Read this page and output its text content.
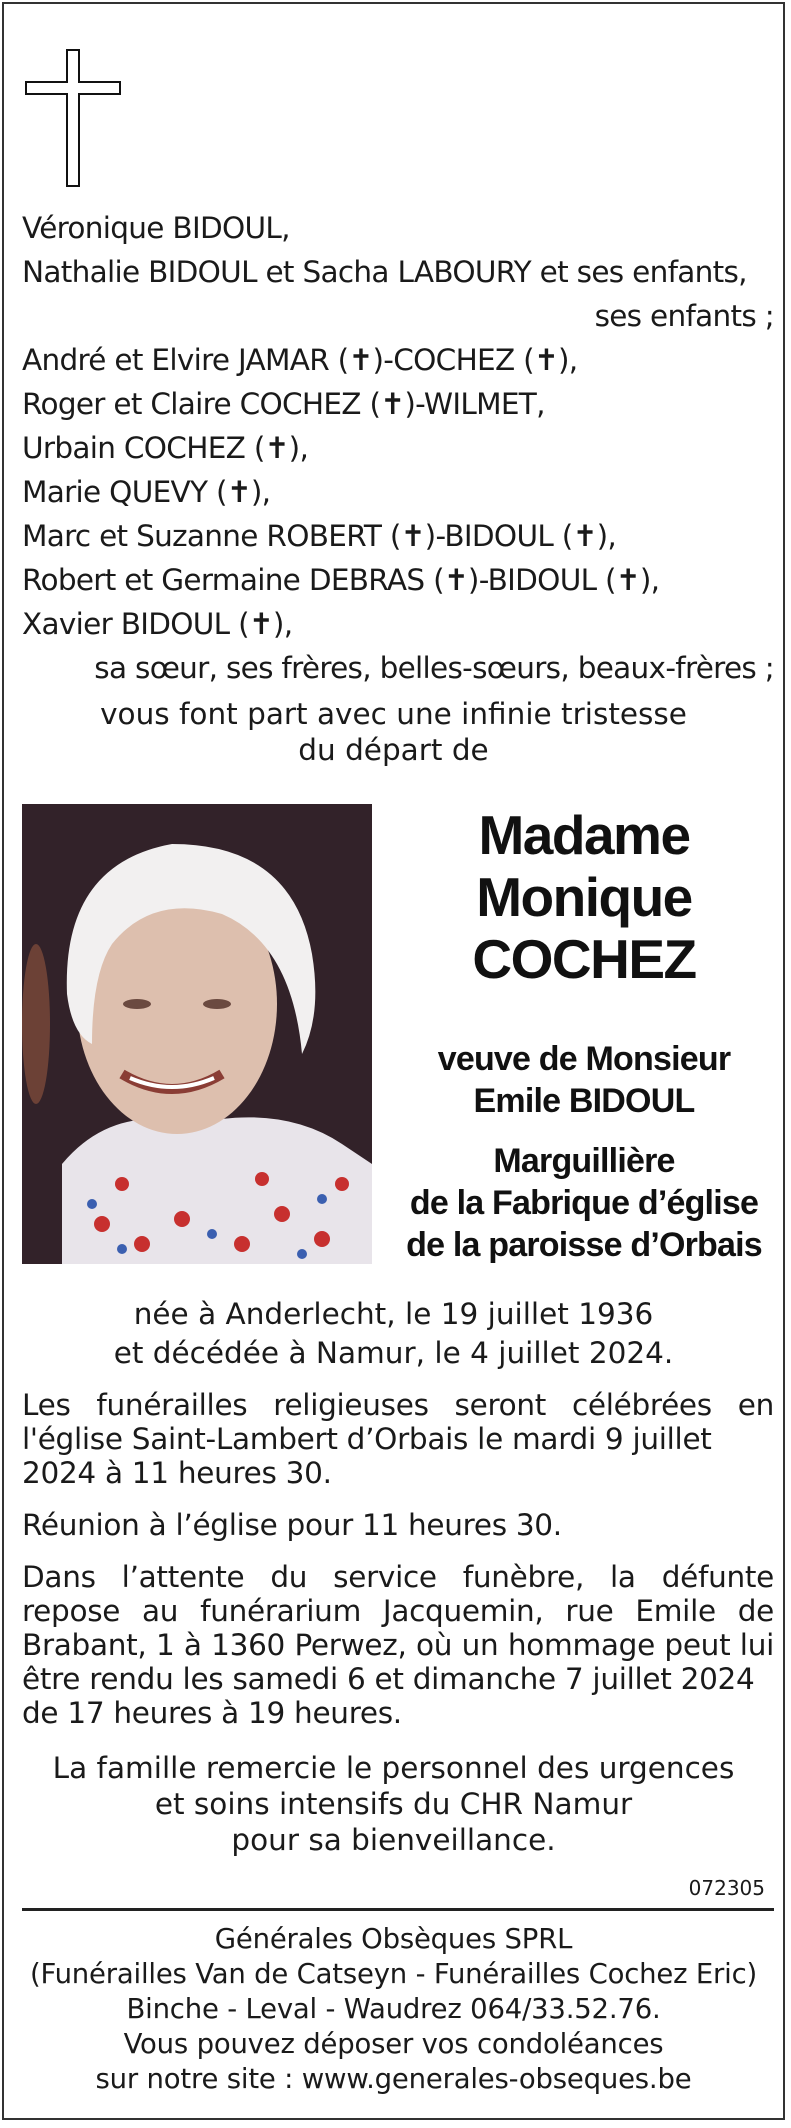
Véronique BIDOUL,
Nathalie BIDOUL et Sacha LABOURY et ses enfants,
ses enfants ;
André et Elvire JAMAR (✝)-COCHEZ (✝),
Roger et Claire COCHEZ (✝)-WILMET,
Urbain COCHEZ (✝),
Marie QUEVY (✝),
Marc et Suzanne ROBERT (✝)-BIDOUL (✝),
Robert et Germaine DEBRAS (✝)-BIDOUL (✝),
Xavier BIDOUL (✝),
sa sœur, ses frères, belles-sœurs, beaux-frères ;
vous font part avec une infinie tristesse
du départ de
Madame
Monique
COCHEZ
veuve de Monsieur
Emile BIDOUL
Marguillière
de la Fabrique d’église
de la paroisse d’Orbais
née à Anderlecht, le 19 juillet 1936
et décédée à Namur, le 4 juillet 2024.
Les funérailles religieuses seront célébrées en l'église Saint-Lambert d’Orbais le mardi 9 juillet
2024 à 11 heures 30.
Réunion à l’église pour 11 heures 30.
Dans l’attente du service funèbre, la défunte repose au funérarium Jacquemin, rue Emile de Brabant, 1 à 1360 Perwez, où un hommage peut lui être rendu les samedi 6 et dimanche 7 juillet 2024
de 17 heures à 19 heures.
La famille remercie le personnel des urgences
et soins intensifs du CHR Namur
pour sa bienveillance.
072305
Générales Obsèques SPRL
(Funérailles Van de Catseyn - Funérailles Cochez Eric)
Binche - Leval - Waudrez 064/33.52.76.
Vous pouvez déposer vos condoléances
sur notre site : www.generales-obseques.be
